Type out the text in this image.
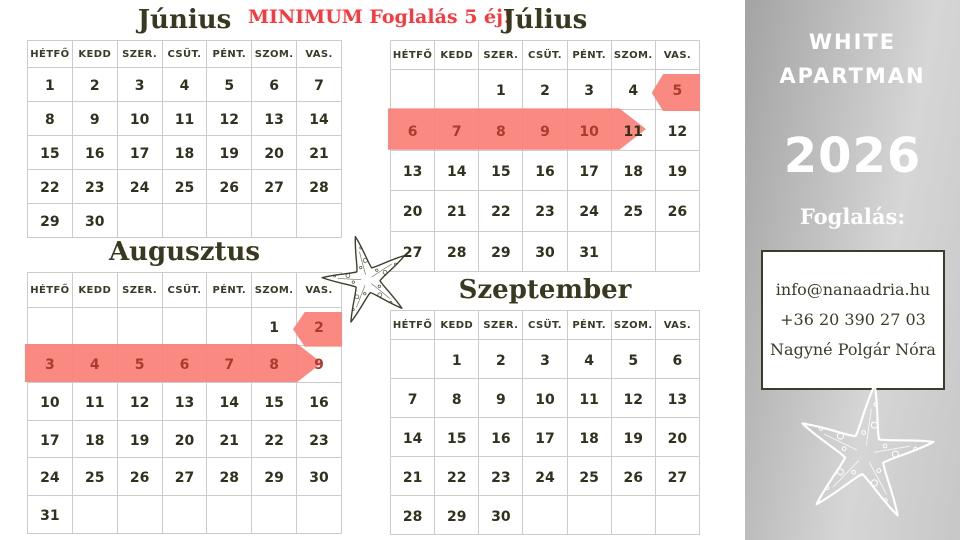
MINIMUM Foglalás 5 éj!
Június
HÉTFŐ	KEDD	SZER.	CSÜT.	PÉNT.	SZOM.	VAS.
1	2	3	4	5	6	7
8	9	10	11	12	13	14
15	16	17	18	19	20	21
22	23	24	25	26	27	28
29	30					
Július
HÉTFŐ	KEDD	SZER.	CSÜT.	PÉNT.	SZOM.	VAS.
		1	2	3	4	5
6	7	8	9	10	11	12
13	14	15	16	17	18	19
20	21	22	23	24	25	26
27	28	29	30	31		
Augusztus
HÉTFŐ	KEDD	SZER.	CSÜT.	PÉNT.	SZOM.	VAS.
					1	2
3	4	5	6	7	8	9
10	11	12	13	14	15	16
17	18	19	20	21	22	23
24	25	26	27	28	29	30
31						
Szeptember
HÉTFŐ	KEDD	SZER.	CSÜT.	PÉNT.	SZOM.	VAS.
	1	2	3	4	5	6
7	8	9	10	11	12	13
14	15	16	17	18	19	20
21	22	23	24	25	26	27
28	29	30				
WHITE
APARTMAN
2026
Foglalás:
info@nanaadria.hu
+36 20 390 27 03
Nagyné Polgár Nóra
